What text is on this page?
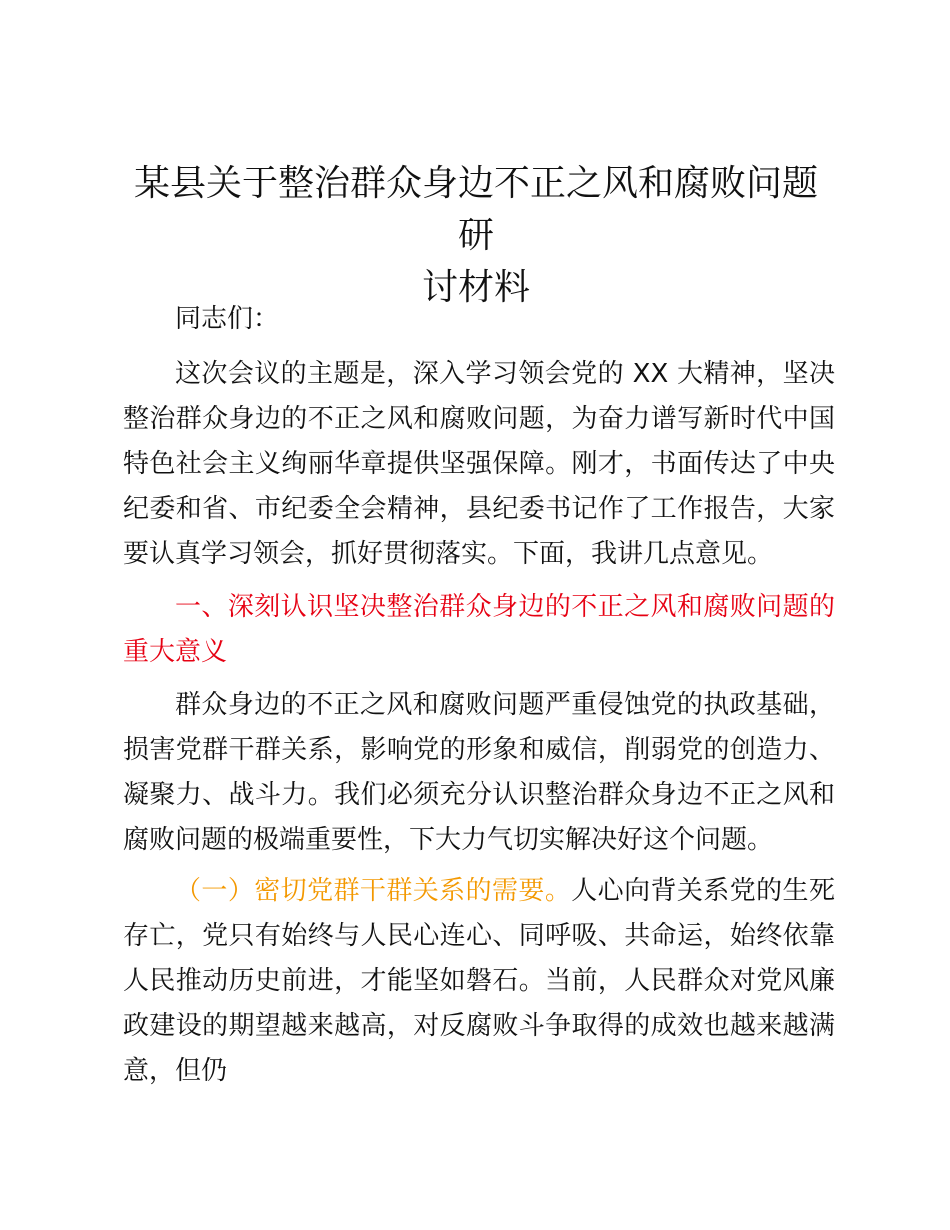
某县关于整治群众身边不正之风和腐败问题研
讨材料

同志们：

这次会议的主题是，深入学习领会党的 XX 大精神，坚决整治群众身边的不正之风和腐败问题，为奋力谱写新时代中国特色社会主义绚丽华章提供坚强保障。刚才，书面传达了中央纪委和省、市纪委全会精神，县纪委书记作了工作报告，大家要认真学习领会，抓好贯彻落实。下面，我讲几点意见。

一、深刻认识坚决整治群众身边的不正之风和腐败问题的重大意义

群众身边的不正之风和腐败问题严重侵蚀党的执政基础，损害党群干群关系，影响党的形象和威信，削弱党的创造力、凝聚力、战斗力。我们必须充分认识整治群众身边不正之风和腐败问题的极端重要性，下大力气切实解决好这个问题。

（一）密切党群干群关系的需要。人心向背关系党的生死存亡，党只有始终与人民心连心、同呼吸、共命运，始终依靠人民推动历史前进，才能坚如磐石。当前，人民群众对党风廉政建设的期望越来越高，对反腐败斗争取得的成效也越来越满意，但仍
